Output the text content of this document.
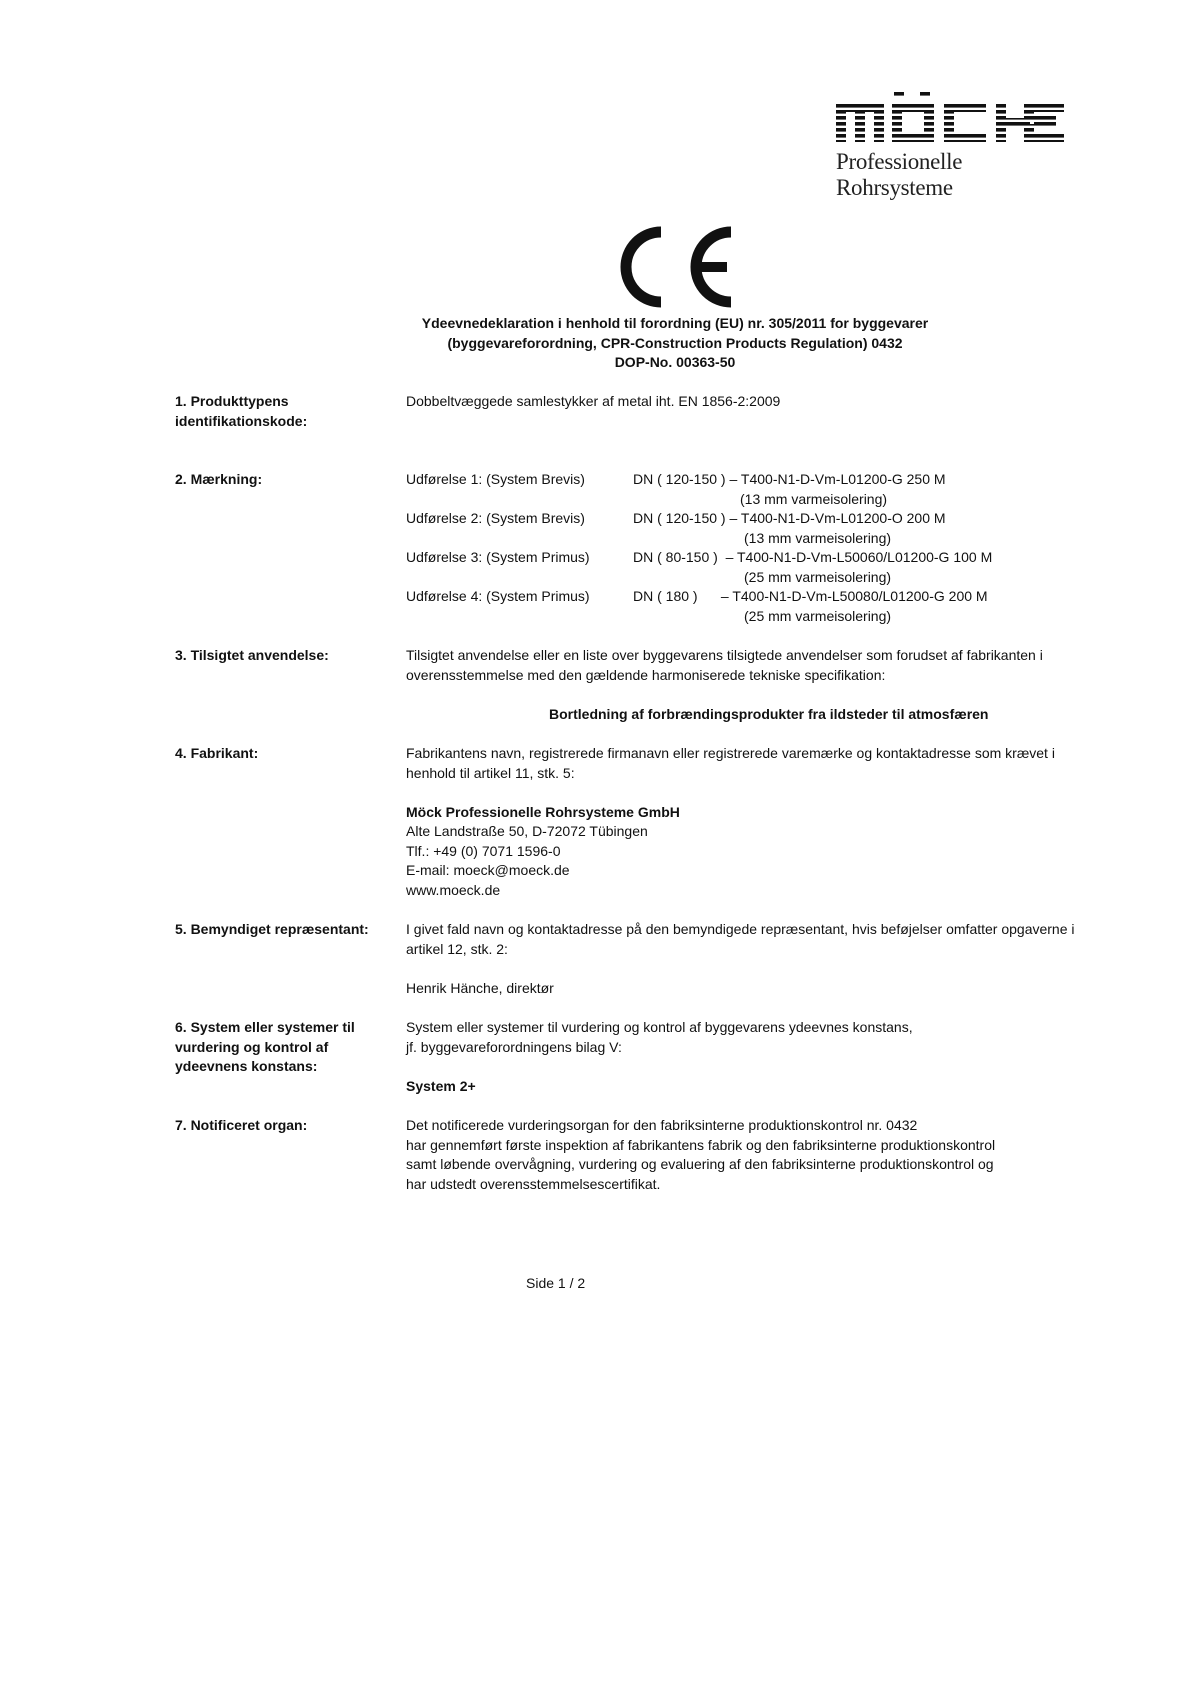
Professionelle Rohrsysteme
Ydeevnedeklaration i henhold til forordning (EU) nr. 305/2011 for byggevarer
(byggevareforordning, CPR-Construction Products Regulation) 0432
DOP-No. 00363-50
1. Produkttypens
identifikationskode:
Dobbeltvæggede samlestykker af metal iht. EN 1856-2:2009
2. Mærkning:	Udførelse 1: (System Brevis)	DN ( 120-150 ) – T400-N1-D-Vm-L01200-G 250 M
(13 mm varmeisolering)
Udførelse 2: (System Brevis)	DN ( 120-150 ) – T400-N1-D-Vm-L01200-O 200 M
(13 mm varmeisolering)
Udførelse 3: (System Primus)	DN ( 80-150 )  – T400-N1-D-Vm-L50060/L01200-G 100 M
(25 mm varmeisolering)
Udførelse 4: (System Primus)	DN ( 180 )      – T400-N1-D-Vm-L50080/L01200-G 200 M
(25 mm varmeisolering)
3. Tilsigtet anvendelse:	Tilsigtet anvendelse eller en liste over byggevarens tilsigtede anvendelser som forudset af fabrikanten i
overensstemmelse med den gældende harmoniserede tekniske specifikation:
Bortledning af forbrændingsprodukter fra ildsteder til atmosfæren
4. Fabrikant:	Fabrikantens navn, registrerede firmanavn eller registrerede varemærke og kontaktadresse som krævet i
henhold til artikel 11, stk. 5:

Möck Professionelle Rohrsysteme GmbH
Alte Landstraße 50, D-72072 Tübingen
Tlf.: +49 (0) 7071 1596-0
E-mail: moeck@moeck.de
www.moeck.de
5. Bemyndiget repræsentant:	I givet fald navn og kontaktadresse på den bemyndigede repræsentant, hvis beføjelser omfatter opgaverne i
artikel 12, stk. 2:

Henrik Hänche, direktør
6. System eller systemer til
vurdering og kontrol af
ydeevnens konstans:
System eller systemer til vurdering og kontrol af byggevarens ydeevnes konstans,
jf. byggevareforordningens bilag V:

System 2+
7. Notificeret organ:	Det notificerede vurderingsorgan for den fabriksinterne produktionskontrol nr. 0432
har gennemført første inspektion af fabrikantens fabrik og den fabriksinterne produktionskontrol
samt løbende overvågning, vurdering og evaluering af den fabriksinterne produktionskontrol og
har udstedt overensstemmelsescertifikat.
Side 1 / 2
